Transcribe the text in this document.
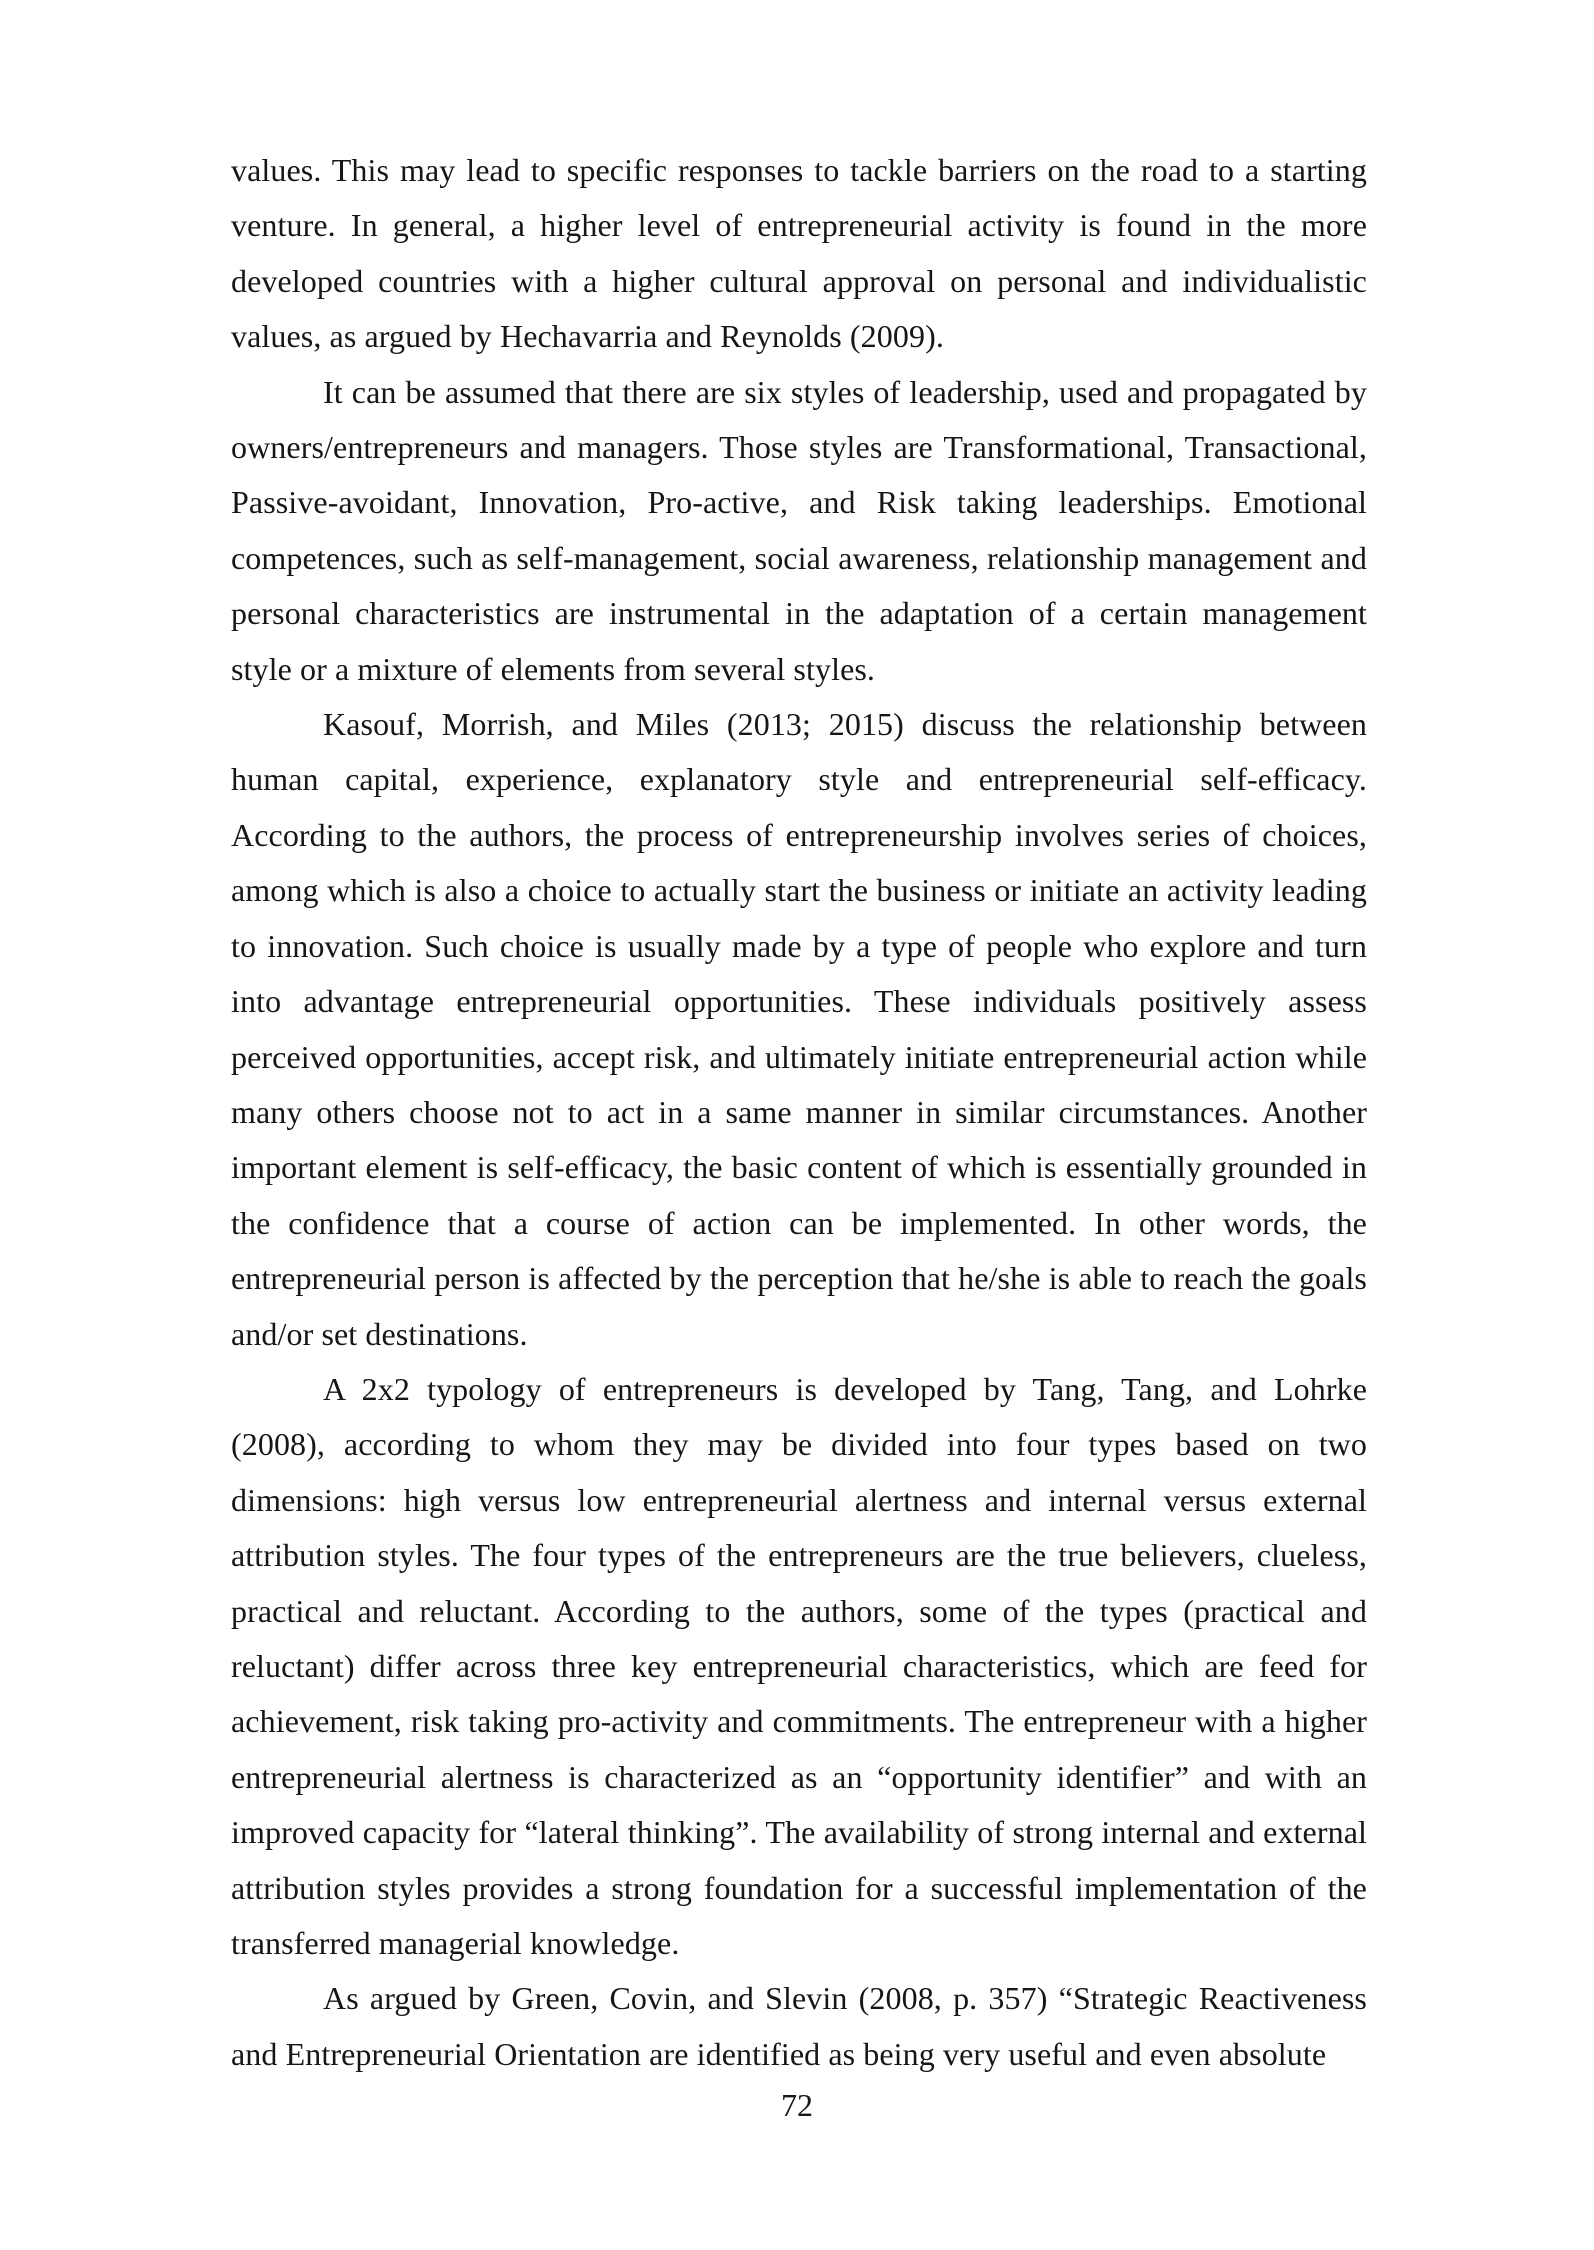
values. This may lead to specific responses to tackle barriers on the road to a starting venture. In general, a higher level of entrepreneurial activity is found in the more developed countries with a higher cultural approval on personal and individualistic values, as argued by Hechavarria and Reynolds (2009).

It can be assumed that there are six styles of leadership, used and propagated by owners/entrepreneurs and managers. Those styles are Transformational, Transactional, Passive-avoidant, Innovation, Pro-active, and Risk taking leaderships. Emotional competences, such as self-management, social awareness, relationship management and personal characteristics are instrumental in the adaptation of a certain management style or a mixture of elements from several styles.

Kasouf, Morrish, and Miles (2013; 2015) discuss the relationship between human capital, experience, explanatory style and entrepreneurial self-efficacy. According to the authors, the process of entrepreneurship involves series of choices, among which is also a choice to actually start the business or initiate an activity leading to innovation. Such choice is usually made by a type of people who explore and turn into advantage entrepreneurial opportunities. These individuals positively assess perceived opportunities, accept risk, and ultimately initiate entrepreneurial action while many others choose not to act in a same manner in similar circumstances. Another important element is self-efficacy, the basic content of which is essentially grounded in the confidence that a course of action can be implemented. In other words, the entrepreneurial person is affected by the perception that he/she is able to reach the goals and/or set destinations.

A 2x2 typology of entrepreneurs is developed by Tang, Tang, and Lohrke (2008), according to whom they may be divided into four types based on two dimensions: high versus low entrepreneurial alertness and internal versus external attribution styles. The four types of the entrepreneurs are the true believers, clueless, practical and reluctant. According to the authors, some of the types (practical and reluctant) differ across three key entrepreneurial characteristics, which are feed for achievement, risk taking pro-activity and commitments. The entrepreneur with a higher entrepreneurial alertness is characterized as an “opportunity identifier” and with an improved capacity for “lateral thinking”. The availability of strong internal and external attribution styles provides a strong foundation for a successful implementation of the transferred managerial knowledge.

As argued by Green, Covin, and Slevin (2008, p. 357) “Strategic Reactiveness and Entrepreneurial Orientation are identified as being very useful and even absolute

72
